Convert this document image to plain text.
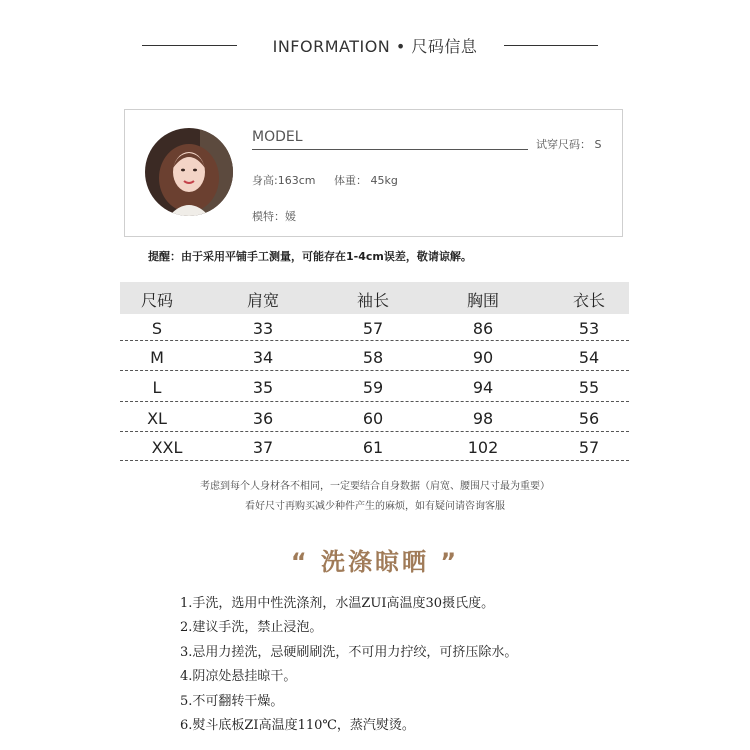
INFORMATION • 尺码信息
MODEL	试穿尺码： S
身高:163cm 体重： 45kg
模特：媛
提醒：由于采用平铺手工测量，可能存在1-4cm误差，敬请谅解。
尺码	肩宽	袖长	胸围	衣长
S	33	57	86	53
M	34	58	90	54
L	35	59	94	55
XL	36	60	98	56
XXL	37	61	102	57
考虑到每个人身材各不相同，一定要结合自身数据（肩宽、腰围尺寸最为重要）
看好尺寸再购买减少种件产生的麻烦，如有疑问请咨询客服
“ 洗涤晾晒 ”
1.手洗，选用中性洗涤剂，水温ZUI高温度30摄氏度。
2.建议手洗，禁止浸泡。
3.忌用力搓洗，忌硬刷刷洗，不可用力拧绞，可挤压除水。
4.阴凉处悬挂晾干。
5.不可翻转干燥。
6.熨斗底板ZI高温度110℃，蒸汽熨烫。
